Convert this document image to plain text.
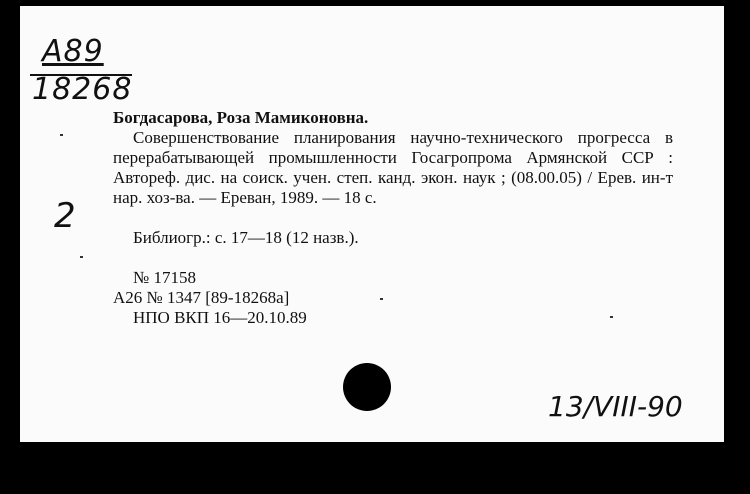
A89
18268
2
Богдасарова, Роза Мамиконовна.
Совершенствование планирования научно-технического прогресса в перерабатывающей промышленности Госагропрома Армянской ССР : Автореф. дис. на соиск. учен. степ. канд. экон. наук ; (08.00.05) / Ерев. ин-т нар. хоз-ва. — Ереван, 1989. — 18 с.
Библиогр.: с. 17—18 (12 назв.).
№ 17158
А26 № 1347 [89-18268а]
НПО ВКП 16—20.10.89
13/VIII-90
